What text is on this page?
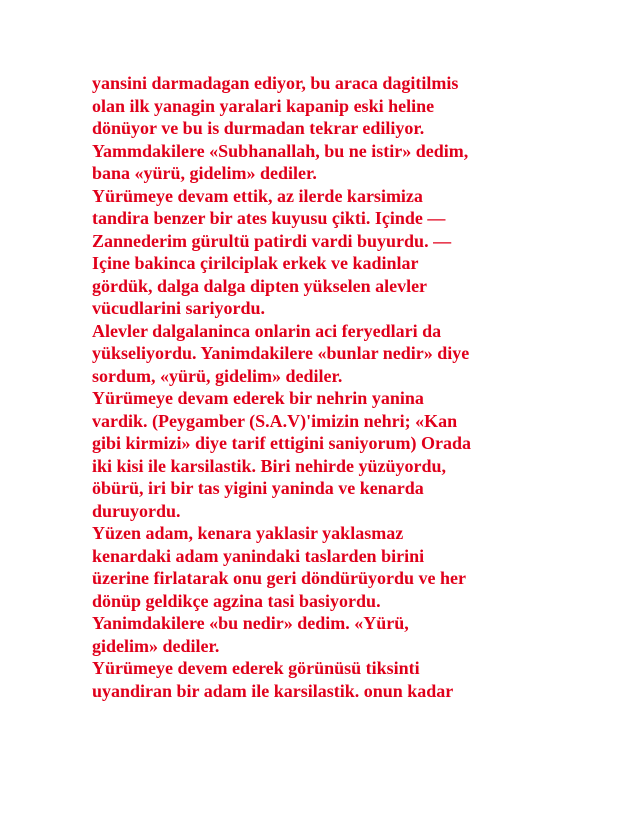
yansini darmadagan ediyor, bu araca dagitilmis
olan ilk yanagin yaralari kapanip eski heline
dönüyor ve bu is durmadan tekrar ediliyor.
Yammdakilere «Subhanallah, bu ne istir» dedim,
bana «yürü, gidelim» dediler.
Yürümeye devam ettik, az ilerde karsimiza
tandira benzer bir ates kuyusu çikti. Içinde —
Zannederim gürultü patirdi vardi buyurdu. —
Içine bakinca çirilciplak erkek ve kadinlar
gördük, dalga dalga dipten yükselen alevler
vücudlarini sariyordu.
Alevler dalgalaninca onlarin aci feryedlari da
yükseliyordu. Yanimdakilere «bunlar nedir» diye
sordum, «yürü, gidelim» dediler.
Yürümeye devam ederek bir nehrin yanina
vardik. (Peygamber (S.A.V)'imizin nehri; «Kan
gibi kirmizi» diye tarif ettigini saniyorum) Orada
iki kisi ile karsilastik. Biri nehirde yüzüyordu,
öbürü, iri bir tas yigini yaninda ve kenarda
duruyordu.
Yüzen adam, kenara yaklasir yaklasmaz
kenardaki adam yanindaki taslarden birini
üzerine firlatarak onu geri döndürüyordu ve her
dönüp geldikçe agzina tasi basiyordu.
Yanimdakilere «bu nedir» dedim. «Yürü,
gidelim» dediler.
Yürümeye devem ederek görünüsü tiksinti
uyandiran bir adam ile karsilastik. onun kadar
